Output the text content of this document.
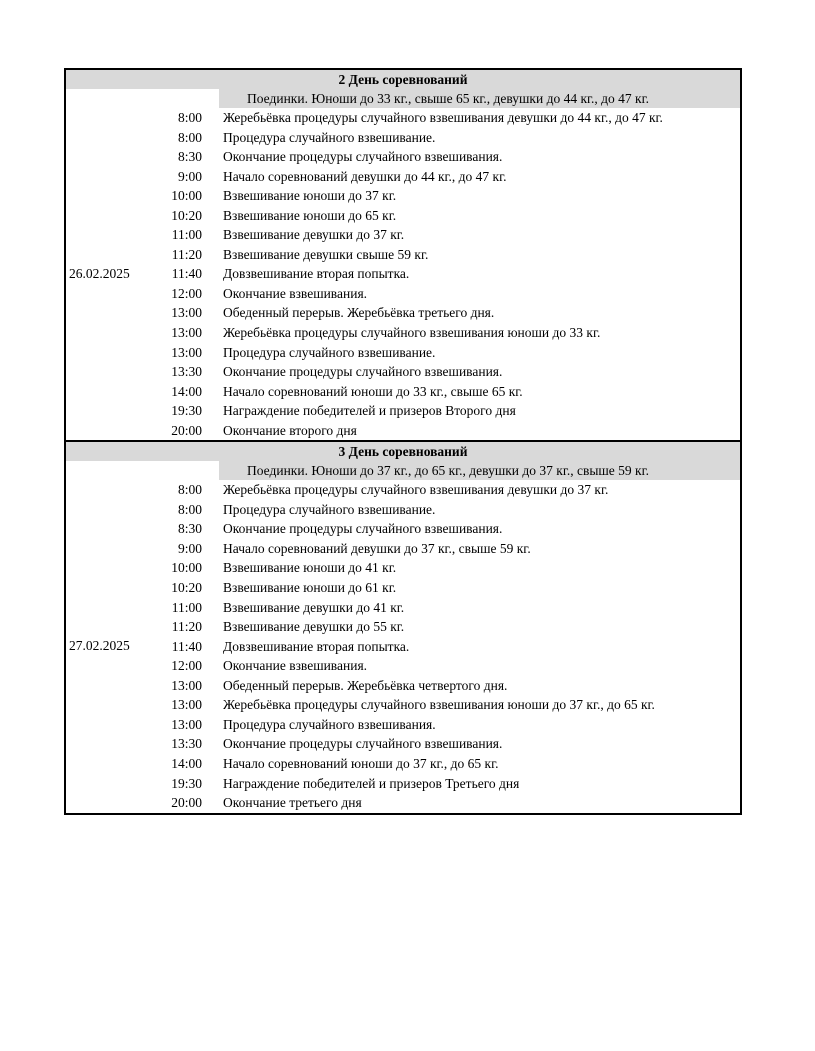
2 День соревнований
Поединки. Юноши до 33 кг., свыше 65 кг., девушки до 44 кг., до 47 кг.
26.02.2025
8:00	Жеребьёвка процедуры случайного взвешивания девушки до 44 кг., до 47 кг.
8:00	Процедура случайного взвешивание.
8:30	Окончание процедуры случайного взвешивания.
9:00	Начало соревнований девушки до 44 кг., до 47 кг.
10:00	Взвешивание юноши до 37 кг.
10:20	Взвешивание юноши до 65 кг.
11:00	Взвешивание девушки до 37 кг.
11:20	Взвешивание девушки свыше 59 кг.
11:40	Довзвешивание вторая попытка.
12:00	Окончание взвешивания.
13:00	Обеденный перерыв. Жеребьёвка третьего дня.
13:00	Жеребьёвка процедуры случайного взвешивания юноши до 33 кг.
13:00	Процедура случайного взвешивание.
13:30	Окончание процедуры случайного взвешивания.
14:00	Начало соревнований юноши до 33 кг., свыше 65 кг.
19:30	Награждение победителей и призеров Второго дня
20:00	Окончание второго дня
3 День соревнований
Поединки. Юноши до 37 кг., до 65 кг., девушки до 37 кг., свыше 59 кг.
27.02.2025
8:00	Жеребьёвка процедуры случайного взвешивания девушки до 37 кг.
8:00	Процедура случайного взвешивание.
8:30	Окончание процедуры случайного взвешивания.
9:00	Начало соревнований девушки до 37 кг., свыше 59 кг.
10:00	Взвешивание юноши до 41 кг.
10:20	Взвешивание юноши до 61 кг.
11:00	Взвешивание девушки до 41 кг.
11:20	Взвешивание девушки до 55 кг.
11:40	Довзвешивание вторая попытка.
12:00	Окончание взвешивания.
13:00	Обеденный перерыв. Жеребьёвка четвертого дня.
13:00	Жеребьёвка процедуры случайного взвешивания юноши до 37 кг., до 65 кг.
13:00	Процедура случайного взвешивания.
13:30	Окончание процедуры случайного взвешивания.
14:00	Начало соревнований юноши до 37 кг., до 65 кг.
19:30	Награждение победителей и призеров Третьего дня
20:00	Окончание третьего дня
